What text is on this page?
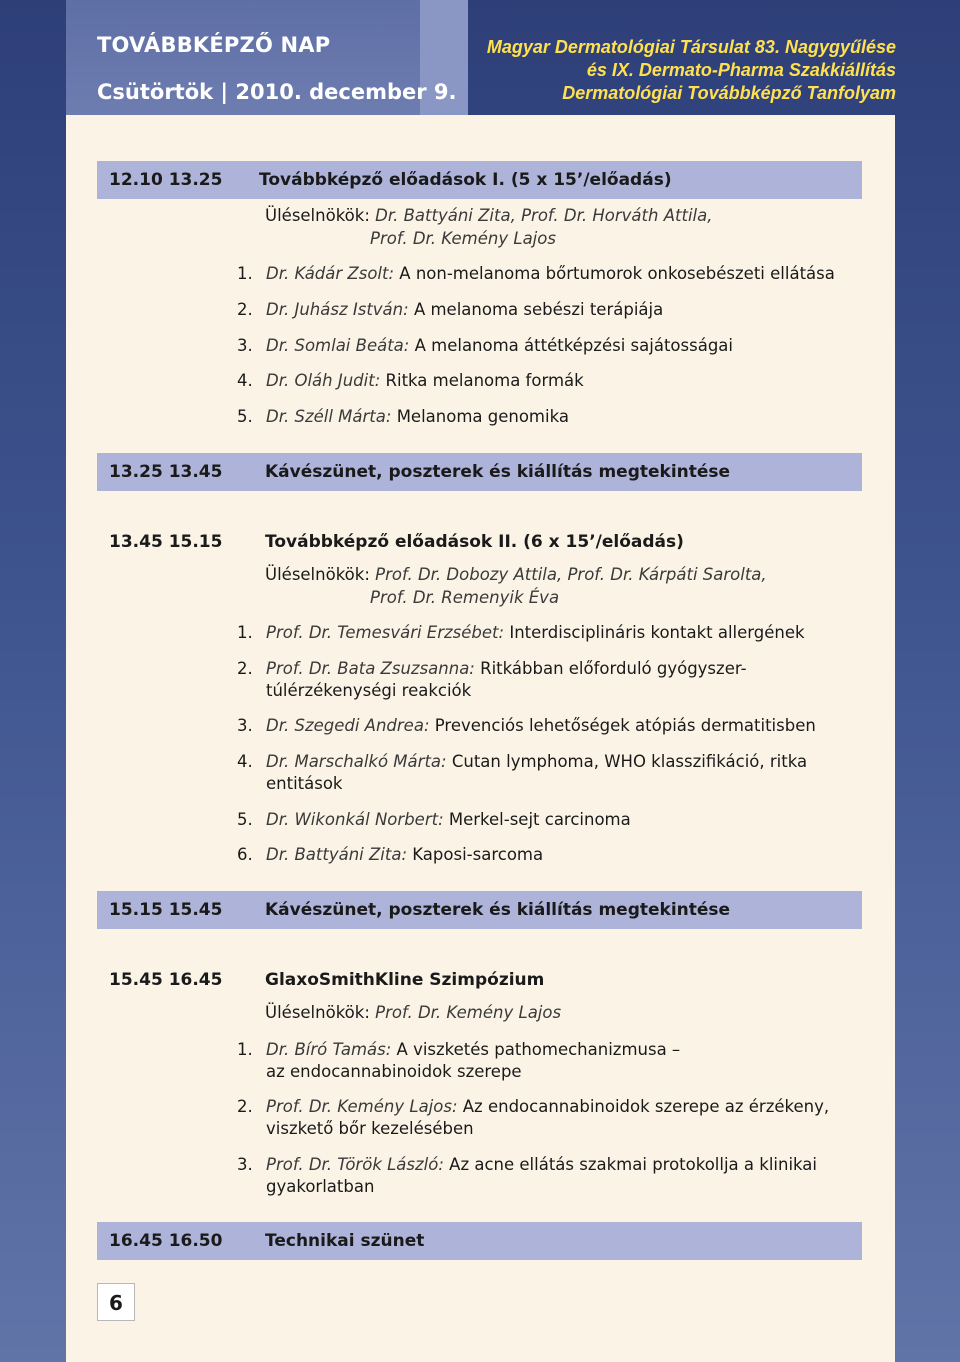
TOVÁBBKÉPZŐ NAP
Csütörtök | 2010. december 9.
Magyar Dermatológiai Társulat 83. Nagygyűlése
és IX. Dermato-Pharma Szakkiállítás
Dermatológiai Továbbképző Tanfolyam
12.10 13.25 Továbbképző előadások I. (5 x 15’/előadás)
Üléselnökök: Dr. Battyáni Zita, Prof. Dr. Horváth Attila,
Prof. Dr. Kemény Lajos
1. Dr. Kádár Zsolt: A non-melanoma bőrtumorok onkosebészeti ellátása
2. Dr. Juhász István: A melanoma sebészi terápiája
3. Dr. Somlai Beáta: A melanoma áttétképzési sajátosságai
4. Dr. Oláh Judit: Ritka melanoma formák
5. Dr. Széll Márta: Melanoma genomika
13.25 13.45	Kávészünet, poszterek és kiállítás megtekintése
13.45 15.15	Továbbképző előadások II. (6 x 15’/előadás)
Üléselnökök: Prof. Dr. Dobozy Attila, Prof. Dr. Kárpáti Sarolta,
Prof. Dr. Remenyik Éva
1. Prof. Dr. Temesvári Erzsébet: Interdisciplináris kontakt allergének
2. Prof. Dr. Bata Zsuzsanna: Ritkábban előforduló gyógyszer-
túlérzékenységi reakciók
3. Dr. Szegedi Andrea: Prevenciós lehetőségek atópiás dermatitisben
4. Dr. Marschalkó Márta: Cutan lymphoma, WHO klasszifikáció, ritka
entitások
5. Dr. Wikonkál Norbert: Merkel-sejt carcinoma
6. Dr. Battyáni Zita: Kaposi-sarcoma
15.15 15.45	Kávészünet, poszterek és kiállítás megtekintése
15.45 16.45	GlaxoSmithKline Szimpózium
Üléselnökök: Prof. Dr. Kemény Lajos
1. Dr. Bíró Tamás: A viszketés pathomechanizmusa –
az endocannabinoidok szerepe
2. Prof. Dr. Kemény Lajos: Az endocannabinoidok szerepe az érzékeny,
viszkető bőr kezelésében
3. Prof. Dr. Török László: Az acne ellátás szakmai protokollja a klinikai
gyakorlatban
16.45 16.50	Technikai szünet
6
